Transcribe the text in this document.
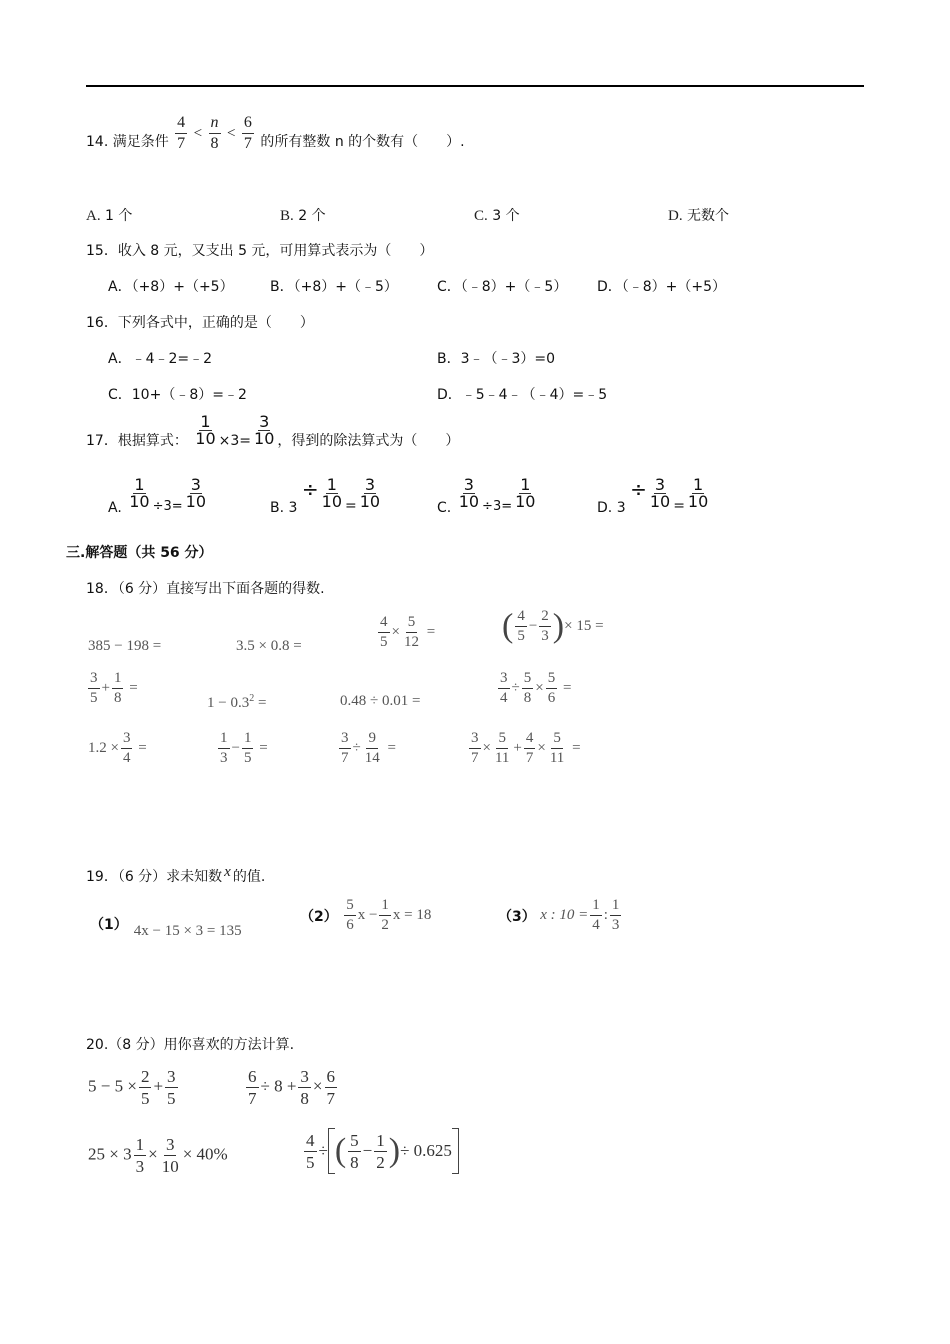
14. 满足条件 $\frac{4}{7} < \frac{n}{8} < \frac{6}{7}$ 的所有整数 n 的个数有（　　）.
A. 1 个	B. 2 个	C. 3 个	D. 无数个
15．收入 8 元，又支出 5 元，可用算式表示为（　　）
A．（+8）+（+5）	B．（+8）+（﹣5）	C．（﹣8）+（﹣5） D．（﹣8）+（+5）
16．下列各式中，正确的是（　　）
A．﹣4﹣2=﹣2	B．3﹣（﹣3）=0
C．10+（﹣8）=﹣2	D．﹣5﹣4﹣（﹣4）=﹣5
17．根据算式： $\frac{1}{10} \times 3= \frac{3}{10}$ ，得到的除法算式为（　　）
A. $\frac{1}{10} \div 3= \frac{3}{10}$	B. $3 \div \frac{1}{10} = \frac{3}{10}$	C. $\frac{3}{10} \div 3= \frac{1}{10}$	D. $3 \div \frac{3}{10} = \frac{1}{10}$
三.解答题（共 56 分）
18．（6 分）直接写出下面各题的得数.
385 − 198 =	3.5 × 0.8 =	$\frac{4}{5} \times \frac{5}{12}$ = ( $\frac{4}{5} - \frac{2}{3}$ )× 15 =
$\frac{3}{5} + \frac{1}{8}$ =
$1 - 0.3^2$ =	0.48 ÷ 0.01 =	$\frac{3}{4} \div \frac{5}{8} \times \frac{5}{6}$ =
$1.2 \times \frac{3}{4}$ =	$\frac{1}{3} - \frac{1}{5}$ =	$\frac{3}{7} \div \frac{9}{14}$ =	$\frac{3}{7} \times \frac{5}{11} + \frac{4}{7} \times \frac{5}{11}$ =
19．（6 分）求未知数 x 的值.
（1） 4x − 15 × 3 = 135
$(2) \frac{5}{6}$ $x - \frac{1}{2}$ x = 18	（3） x : $10 = \frac{1}{4}$ : $\frac{1}{3}$
20.（8 分）用你喜欢的方法计算.
$5 - 5 \times \frac{2}{5} + \frac{3}{5}$	$\frac{6}{7} \div 8 + \frac{3}{8} \times \frac{6}{7}$
$25 \times 3 \frac{1}{3} \times \frac{3}{10} \times 40\%$	$\frac{4}{5}$ ÷ ( $\frac{5}{8} - \frac{1}{2}$ )÷ 0.625
